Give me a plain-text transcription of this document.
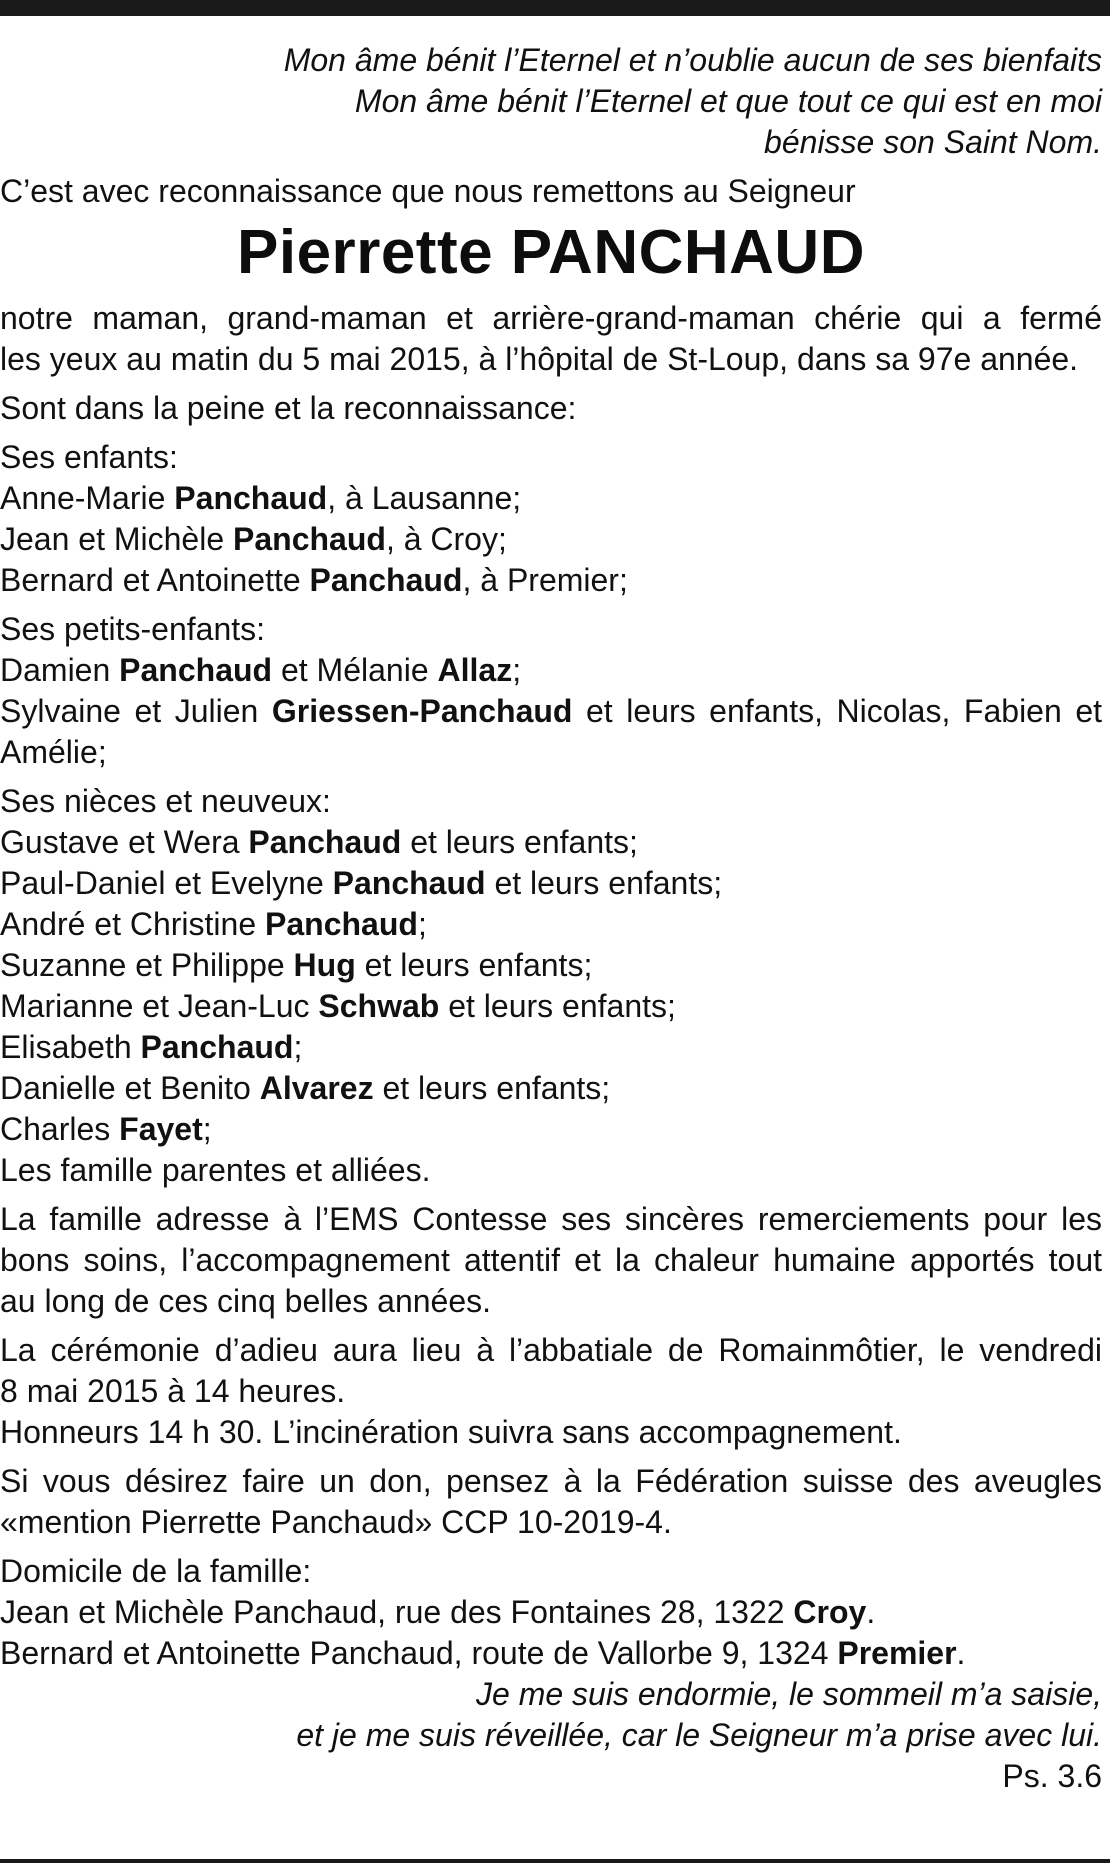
Mon âme bénit l’Eternel et n’oublie aucun de ses bienfaits
Mon âme bénit l’Eternel et que tout ce qui est en moi
bénisse son Saint Nom.
C’est avec reconnaissance que nous remettons au Seigneur
Pierrette PANCHAUD
notre maman, grand-maman et arrière-grand-maman chérie qui a fermé
les yeux au matin du 5 mai 2015, à l’hôpital de St-Loup, dans sa 97e année.
Sont dans la peine et la reconnaissance:
Ses enfants:
Anne-Marie Panchaud, à Lausanne;
Jean et Michèle Panchaud, à Croy;
Bernard et Antoinette Panchaud, à Premier;
Ses petits-enfants:
Damien Panchaud et Mélanie Allaz;
Sylvaine et Julien Griessen-Panchaud et leurs enfants, Nicolas, Fabien et
Amélie;
Ses nièces et neuveux:
Gustave et Wera Panchaud et leurs enfants;
Paul-Daniel et Evelyne Panchaud et leurs enfants;
André et Christine Panchaud;
Suzanne et Philippe Hug et leurs enfants;
Marianne et Jean-Luc Schwab et leurs enfants;
Elisabeth Panchaud;
Danielle et Benito Alvarez et leurs enfants;
Charles Fayet;
Les famille parentes et alliées.
La famille adresse à l’EMS Contesse ses sincères remerciements pour les
bons soins, l’accompagnement attentif et la chaleur humaine apportés tout
au long de ces cinq belles années.
La cérémonie d’adieu aura lieu à l’abbatiale de Romainmôtier, le vendredi
8 mai 2015 à 14 heures.
Honneurs 14 h 30. L’incinération suivra sans accompagnement.
Si vous désirez faire un don, pensez à la Fédération suisse des aveugles
«mention Pierrette Panchaud» CCP 10-2019-4.
Domicile de la famille:
Jean et Michèle Panchaud, rue des Fontaines 28, 1322 Croy.
Bernard et Antoinette Panchaud, route de Vallorbe 9, 1324 Premier.
Je me suis endormie, le sommeil m’a saisie,
et je me suis réveillée, car le Seigneur m’a prise avec lui.
Ps. 3.6
